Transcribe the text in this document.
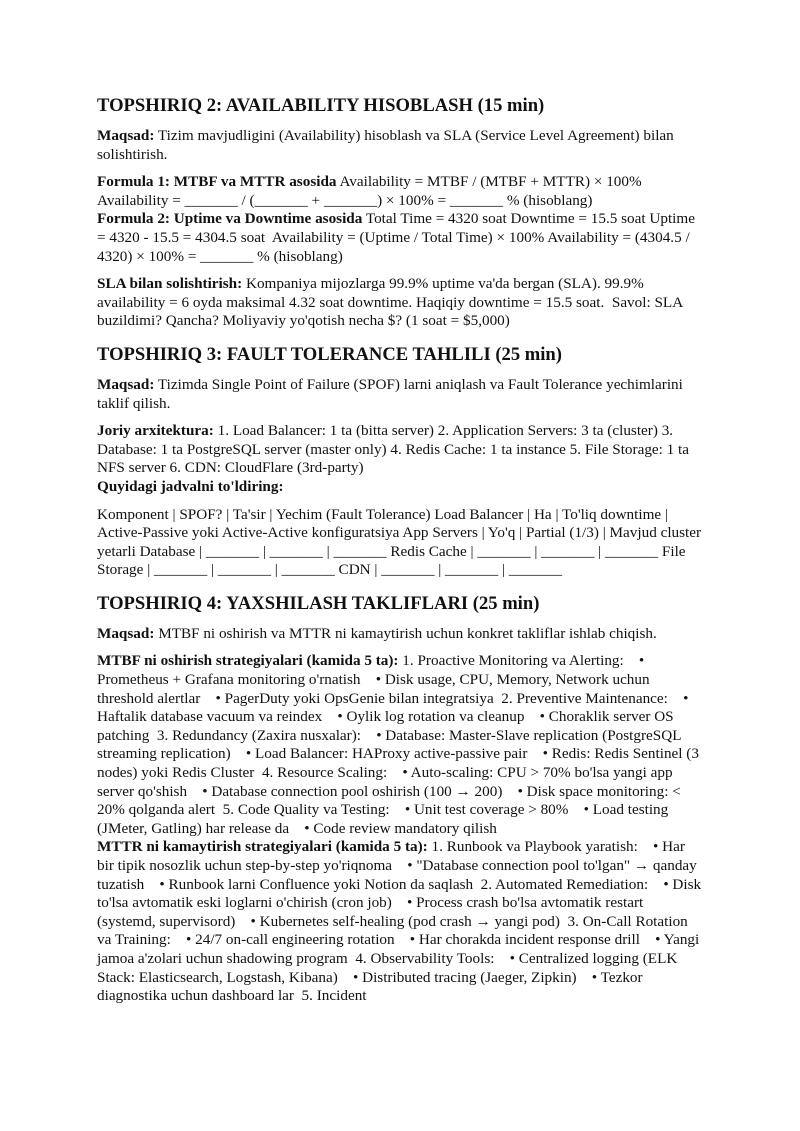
TOPSHIRIQ 2: AVAILABILITY HISOBLASH (15 min)

Maqsad: Tizim mavjudligini (Availability) hisoblash va SLA (Service Level Agreement) bilan solishtirish.

Formula 1: MTBF va MTTR asosida Availability = MTBF / (MTBF + MTTR) × 100% Availability = _______ / (_______ + _______) × 100% = _______ % (hisoblang)

Formula 2: Uptime va Downtime asosida Total Time = 4320 soat Downtime = 15.5 soat Uptime = 4320 - 15.5 = 4304.5 soat  Availability = (Uptime / Total Time) × 100% Availability = (4304.5 / 4320) × 100% = _______ % (hisoblang)

SLA bilan solishtirish: Kompaniya mijozlarga 99.9% uptime va'da bergan (SLA). 99.9% availability = 6 oyda maksimal 4.32 soat downtime. Haqiqiy downtime = 15.5 soat.  Savol: SLA buzildimi? Qancha? Moliyaviy yo'qotish necha $? (1 soat = $5,000)

TOPSHIRIQ 3: FAULT TOLERANCE TAHLILI (25 min)

Maqsad: Tizimda Single Point of Failure (SPOF) larni aniqlash va Fault Tolerance yechimlarini taklif qilish.

Joriy arxitektura: 1. Load Balancer: 1 ta (bitta server) 2. Application Servers: 3 ta (cluster) 3. Database: 1 ta PostgreSQL server (master only) 4. Redis Cache: 1 ta instance 5. File Storage: 1 ta NFS server 6. CDN: CloudFlare (3rd-party)

Quyidagi jadvalni to'ldiring:

Komponent | SPOF? | Ta'sir | Yechim (Fault Tolerance) Load Balancer | Ha | To'liq downtime | Active-Passive yoki Active-Active konfiguratsiya App Servers | Yo'q | Partial (1/3) | Mavjud cluster yetarli Database | _______ | _______ | _______ Redis Cache | _______ | _______ | _______ File Storage | _______ | _______ | _______ CDN | _______ | _______ | _______

TOPSHIRIQ 4: YAXSHILASH TAKLIFLARI (25 min)

Maqsad: MTBF ni oshirish va MTTR ni kamaytirish uchun konkret takliflar ishlab chiqish.

MTBF ni oshirish strategiyalari (kamida 5 ta): 1. Proactive Monitoring va Alerting:    • Prometheus + Grafana monitoring o'rnatish    • Disk usage, CPU, Memory, Network uchun threshold alertlar    • PagerDuty yoki OpsGenie bilan integratsiya  2. Preventive Maintenance:    • Haftalik database vacuum va reindex    • Oylik log rotation va cleanup    • Choraklik server OS patching  3. Redundancy (Zaxira nusxalar):    • Database: Master-Slave replication (PostgreSQL streaming replication)    • Load Balancer: HAProxy active-passive pair    • Redis: Redis Sentinel (3 nodes) yoki Redis Cluster  4. Resource Scaling:    • Auto-scaling: CPU > 70% bo'lsa yangi app server qo'shish    • Database connection pool oshirish (100 → 200)    • Disk space monitoring: < 20% qolganda alert  5. Code Quality va Testing:    • Unit test coverage > 80%    • Load testing (JMeter, Gatling) har release da    • Code review mandatory qilish

MTTR ni kamaytirish strategiyalari (kamida 5 ta): 1. Runbook va Playbook yaratish:    • Har bir tipik nosozlik uchun step-by-step yo'riqnoma    • "Database connection pool to'lgan" → qanday tuzatish    • Runbook larni Confluence yoki Notion da saqlash  2. Automated Remediation:    • Disk to'lsa avtomatik eski loglarni o'chirish (cron job)    • Process crash bo'lsa avtomatik restart (systemd, supervisord)    • Kubernetes self-healing (pod crash → yangi pod)  3. On-Call Rotation va Training:    • 24/7 on-call engineering rotation    • Har chorakda incident response drill    • Yangi jamoa a'zolari uchun shadowing program  4. Observability Tools:    • Centralized logging (ELK Stack: Elasticsearch, Logstash, Kibana)    • Distributed tracing (Jaeger, Zipkin)    • Tezkor diagnostika uchun dashboard lar  5. Incident
